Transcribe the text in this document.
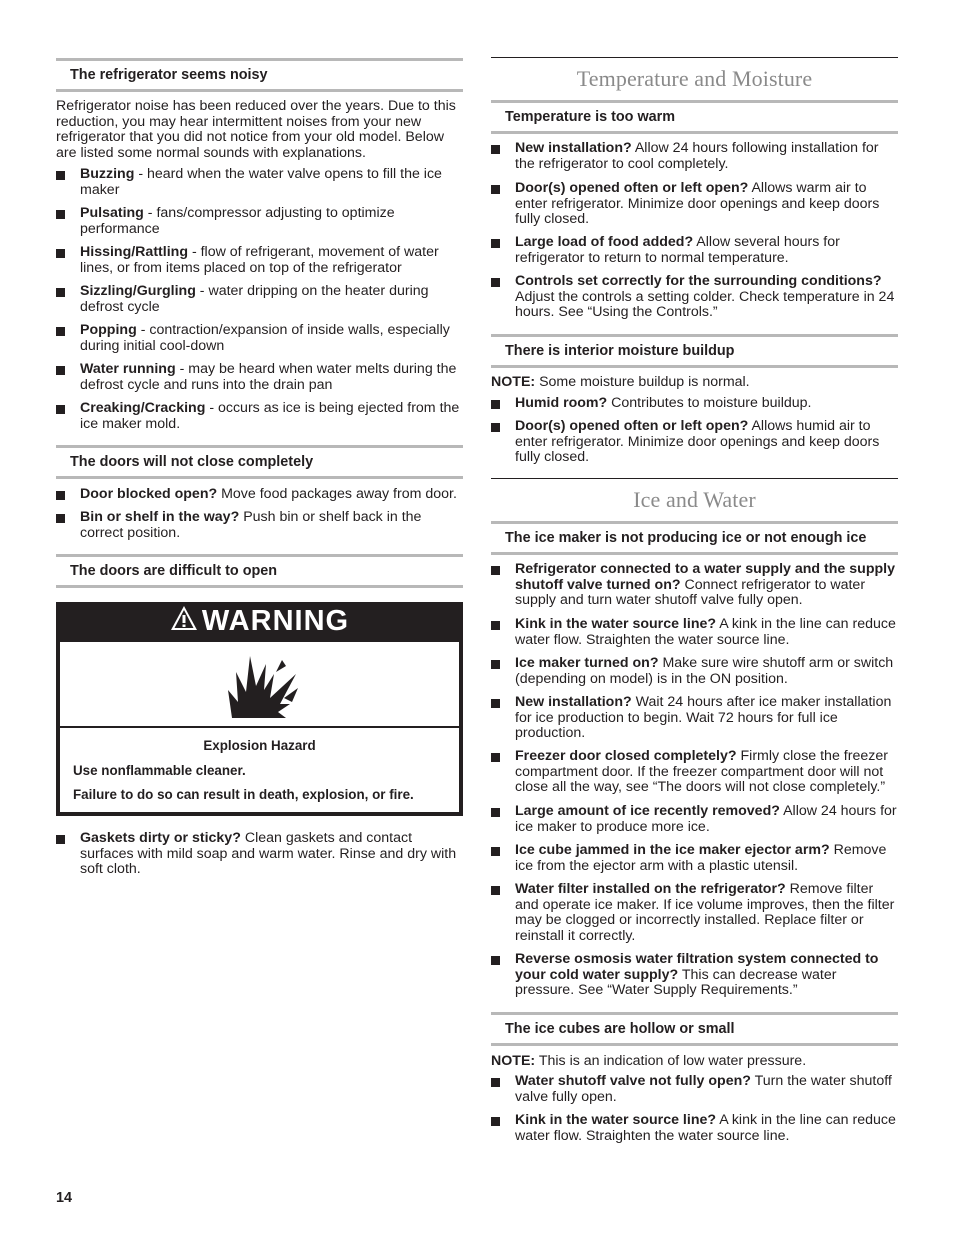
The refrigerator seems noisy

Refrigerator noise has been reduced over the years. Due to this reduction, you may hear intermittent noises from your new refrigerator that you did not notice from your old model. Below are listed some normal sounds with explanations.

Buzzing - heard when the water valve opens to fill the ice maker
Pulsating - fans/compressor adjusting to optimize performance
Hissing/Rattling - flow of refrigerant, movement of water lines, or from items placed on top of the refrigerator
Sizzling/Gurgling - water dripping on the heater during defrost cycle
Popping - contraction/expansion of inside walls, especially during initial cool-down
Water running - may be heard when water melts during the defrost cycle and runs into the drain pan
Creaking/Cracking - occurs as ice is being ejected from the ice maker mold.
The doors will not close completely
Door blocked open? Move food packages away from door.
Bin or shelf in the way? Push bin or shelf back in the correct position.
The doors are difficult to open
WARNING
Explosion Hazard
Use nonflammable cleaner.
Failure to do so can result in death, explosion, or fire.
Gaskets dirty or sticky? Clean gaskets and contact surfaces with mild soap and warm water. Rinse and dry with soft cloth.
Temperature and Moisture
Temperature is too warm
New installation? Allow 24 hours following installation for the refrigerator to cool completely.
Door(s) opened often or left open? Allows warm air to enter refrigerator. Minimize door openings and keep doors fully closed.
Large load of food added? Allow several hours for refrigerator to return to normal temperature.
Controls set correctly for the surrounding conditions? Adjust the controls a setting colder. Check temperature in 24 hours. See “Using the Controls.”
There is interior moisture buildup
NOTE: Some moisture buildup is normal.
Humid room? Contributes to moisture buildup.
Door(s) opened often or left open? Allows humid air to enter refrigerator. Minimize door openings and keep doors fully closed.
Ice and Water
The ice maker is not producing ice or not enough ice
Refrigerator connected to a water supply and the supply shutoff valve turned on? Connect refrigerator to water supply and turn water shutoff valve fully open.
Kink in the water source line? A kink in the line can reduce water flow. Straighten the water source line.
Ice maker turned on? Make sure wire shutoff arm or switch (depending on model) is in the ON position.
New installation? Wait 24 hours after ice maker installation for ice production to begin. Wait 72 hours for full ice production.
Freezer door closed completely? Firmly close the freezer compartment door. If the freezer compartment door will not close all the way, see “The doors will not close completely.”
Large amount of ice recently removed? Allow 24 hours for ice maker to produce more ice.
Ice cube jammed in the ice maker ejector arm? Remove ice from the ejector arm with a plastic utensil.
Water filter installed on the refrigerator? Remove filter and operate ice maker. If ice volume improves, then the filter may be clogged or incorrectly installed. Replace filter or reinstall it correctly.
Reverse osmosis water filtration system connected to your cold water supply? This can decrease water pressure. See “Water Supply Requirements.”
The ice cubes are hollow or small
NOTE: This is an indication of low water pressure.
Water shutoff valve not fully open? Turn the water shutoff valve fully open.
Kink in the water source line? A kink in the line can reduce water flow. Straighten the water source line.
14
